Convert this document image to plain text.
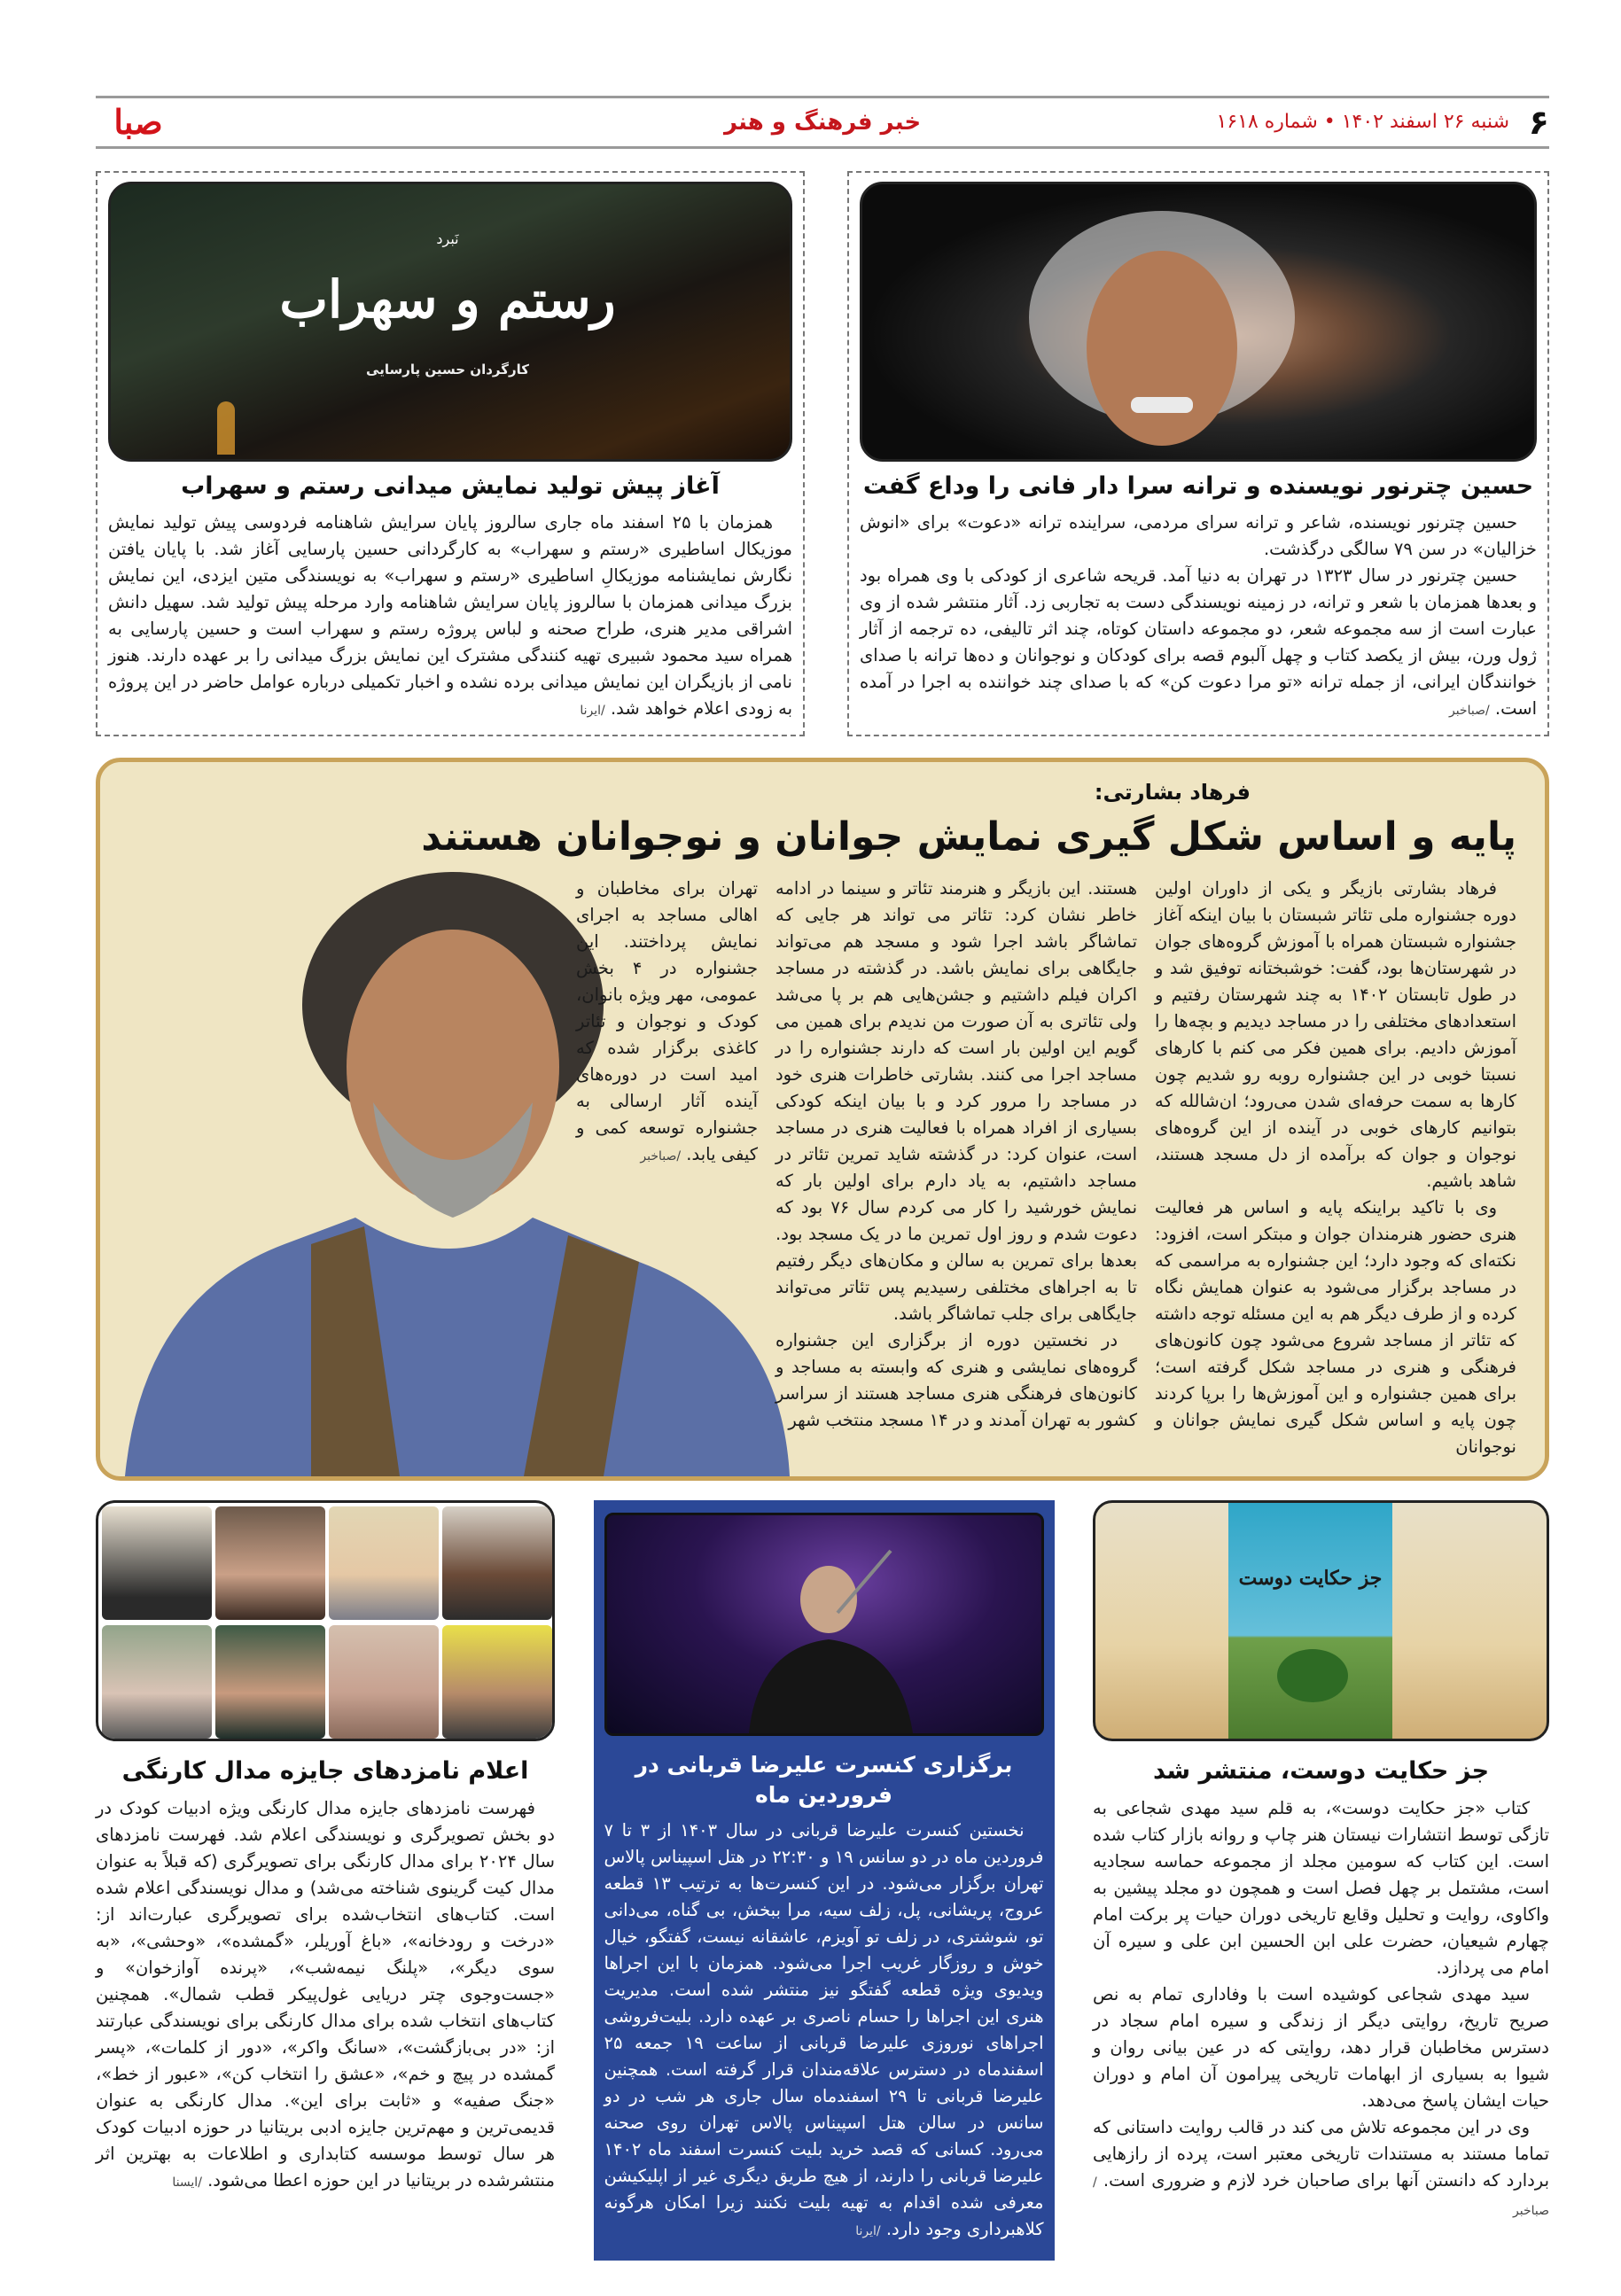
۶
شنبه ۲۶ اسفند ۱۴۰۲ • شماره ۱۶۱۸
خبر فرهنگ و هنر
صبا
حسین چترنور نویسنده و ترانه سرا دار فانی را وداع گفت

حسین چترنور نویسنده، شاعر و ترانه سرای مردمی، سراینده ترانه «دعوت» برای «انوش خزالیان» در سن ۷۹ سالگی درگذشت.

حسین چترنور در سال ۱۳۲۳ در تهران به دنیا آمد. قریحه شاعری از کودکی با وی همراه بود و بعدها همزمان با شعر و ترانه، در زمینه نویسندگی دست به تجاربی زد. آثار منتشر شده از وی عبارت است از سه مجموعه شعر، دو مجموعه داستان کوتاه، چند اثر تالیفی، ده ترجمه از آثار ژول ورن، بیش از یکصد کتاب و چهل آلبوم قصه برای کودکان و نوجوانان و ده‌ها ترانه با صدای خوانندگان ایرانی، از جمله ترانه «تو مرا دعوت کن» که با صدای چند خواننده به اجرا در آمده است. /صباخبر

نَبرد
رستم و سهراب
کارگردان حسین پارسایی
آغاز پیش تولید نمایش میدانی رستم و سهراب

همزمان با ۲۵ اسفند ماه جاری سالروز پایان سرایش شاهنامه فردوسی پیش تولید نمایش موزیکال اساطیری «رستم و سهراب» به کارگردانی حسین پارسایی آغاز شد. با پایان یافتن نگارش نمایشنامه موزیکالِ اساطیری «رستم و سهراب» به نویسندگی متین ایزدی، این نمایش بزرگ میدانی همزمان با سالروز پایان سرایش شاهنامه وارد مرحله پیش تولید شد. سهیل دانش اشراقی مدیر هنری، طراح صحنه و لباس پروژه رستم و سهراب است و حسین پارسایی به همراه سید محمود شبیری تهیه کنندگی مشترک این نمایش بزرگ میدانی را بر عهده دارند. هنوز نامی از بازیگران این نمایش میدانی برده نشده و اخبار تکمیلی درباره عوامل حاضر در این پروژه به زودی اعلام خواهد شد. /ایرنا

فرهاد بشارتی:
پایه و اساس شکل گیری نمایش جوانان و نوجوانان هستند

فرهاد بشارتی بازیگر و یکی از داوران اولین دوره جشنواره ملی تئاتر شبستان با بیان اینکه آغاز جشنواره شبستان همراه با آموزش گروه‌های جوان در شهرستان‌ها بود، گفت: خوشبختانه توفیق شد و در طول تابستان ۱۴۰۲ به چند شهرستان رفتیم و استعدادهای مختلفی را در مساجد دیدیم و بچه‌ها را آموزش دادیم. برای همین فکر می کنم با کارهای نسبتا خوبی در این جشنواره روبه رو شدیم چون کارها به سمت حرفه‌ای شدن می‌رود؛ ان‌شالله که بتوانیم کارهای خوبی در آینده از این گروه‌های نوجوان و جوان که برآمده از دل مسجد هستند، شاهد باشیم.

وی با تاکید براینکه پایه و اساس هر فعالیت هنری حضور هنرمندان جوان و مبتکر است، افزود: نکته‌ای که وجود دارد؛ این جشنواره به مراسمی که در مساجد برگزار می‌شود به عنوان همایش نگاه کرده و از طرف دیگر هم به این مسئله توجه داشته که تئاتر از مساجد شروع می‌شود چون کانون‌های فرهنگی و هنری در مساجد شکل گرفته است؛ برای همین جشنواره و این آموزش‌ها را برپا کردند چون پایه و اساس شکل گیری نمایش جوانان و نوجوانان

هستند. این بازیگر و هنرمند تئاتر و سینما در ادامه خاطر نشان کرد: تئاتر می تواند هر جایی که تماشاگر باشد اجرا شود و مسجد هم می‌تواند جایگاهی برای نمایش باشد. در گذشته در مساجد اکران فیلم داشتیم و جشن‌هایی هم بر پا می‌شد ولی تئاتری به آن صورت من ندیدم برای همین می گویم این اولین بار است که دارند جشنواره را در مساجد اجرا می کنند. بشارتی خاطرات هنری خود در مساجد را مرور کرد و با بیان اینکه کودکی بسیاری از افراد همراه با فعالیت هنری در مساجد است، عنوان کرد: در گذشته شاید تمرین تئاتر در مساجد داشتیم، به یاد دارم برای اولین بار که نمایش خورشید را کار می کردم سال ۷۶ بود که دعوت شدم و روز اول تمرین ما در یک مسجد بود. بعدها برای تمرین به سالن و مکان‌های دیگر رفتیم تا به اجراهای مختلفی رسیدیم پس تئاتر می‌تواند جایگاهی برای جلب تماشاگر باشد.

در نخستین دوره از برگزاری این جشنواره گروه‌های نمایشی و هنری که وابسته به مساجد و کانون‌های فرهنگی هنری مساجد هستند از سراسر کشور به تهران آمدند و در ۱۴ مسجد منتخب شهر

تهران برای مخاطبان و اهالی مساجد به اجرای نمایش پرداختند. این جشنواره در ۴ بخش عمومی، مهر ویژه بانوان، کودک و نوجوان و تئاتر کاغذی برگزار شده که امید است در دوره‌های آینده آثار ارسالی به جشنواره توسعه کمی و کیفی یابد. /صباخبر
جز حکایت دوست
جز حکایت دوست، منتشر شد

کتاب «جز حکایت دوست»، به قلم سید مهدی شجاعی به تازگی توسط انتشارات نیستان هنر چاپ و روانه بازار کتاب شده است. این کتاب که سومین مجلد از مجموعه حماسه سجادیه است، مشتمل بر چهل فصل است و همچون دو مجلد پیشین به واکاوی، روایت و تحلیل وقایع تاریخی دوران حیات پر برکت امام چهارم شیعیان، حضرت علی ابن الحسین ابن علی و سیره آن امام می پردازد.

سید مهدی شجاعی کوشیده است با وفاداری تمام به نص صریح تاریخ، روایتی دیگر از زندگی و سیره امام سجاد در دسترس مخاطبان قرار دهد، روایتی که در عین بیانی روان و شیوا به بسیاری از ابهامات تاریخی پیرامون آن امام و دوران حیات ایشان پاسخ می‌دهد.

وی در این مجموعه تلاش می کند در قالب روایت داستانی که تماما مستند به مستندات تاریخی معتبر است، پرده از رازهایی بردارد که دانستن آنها برای صاحبان خرد لازم و ضروری است. /صباخبر

برگزاری کنسرت علیرضا قربانی در فروردین ماه

نخستین کنسرت علیرضا قربانی در سال ۱۴۰۳ از ۳ تا ۷ فروردین ماه در دو سانس ۱۹ و ۲۲:۳۰ در هتل اسپیناس پالاس تهران برگزار می‌شود. در این کنسرت‌ها به ترتیب ۱۳ قطعه عروج، پریشانی، پل، زلف سیه، مرا ببخش، بی گناه، می‌دانی تو، شوشتری، در زلف تو آویزم، عاشقانه نیست، گفتگو، خیال خوش و روزگار غریب اجرا می‌شود. همزمان با این اجراها ویدیوی ویژه قطعه گفتگو نیز منتشر شده است. مدیریت هنری این اجراها را حسام ناصری بر عهده دارد. بلیت‌فروشی اجراهای نوروزی علیرضا قربانی از ساعت ۱۹ جمعه ۲۵ اسفندماه در دسترس علاقه‌مندان قرار گرفته است. همچنین علیرضا قربانی تا ۲۹ اسفندماه سال جاری هر شب در دو سانس در سالن هتل اسپیناس پالاس تهران روی صحنه می‌رود. کسانی که قصد خرید بلیت کنسرت اسفند ماه ۱۴۰۲ علیرضا قربانی را دارند، از هیچ طریق دیگری غیر از اپلیکیشن معرفی شده اقدام به تهیه بلیت نکنند زیرا امکان هرگونه کلاهبرداری وجود دارد. /ایرنا

اعلام نامزدهای جایزه مدال کارنگی

فهرست نامزدهای جایزه مدال کارنگی ویژه ادبیات کودک در دو بخش تصویرگری و نویسندگی اعلام شد. فهرست نامزدهای سال ۲۰۲۴ برای مدال کارنگی برای تصویرگری (که قبلاً به عنوان مدال کیت گرینوی شناخته می‌شد) و مدال نویسندگی اعلام شده است. کتاب‌های انتخاب‌شده برای تصویرگری عبارت‌اند از: «درخت و رودخانه»، «باغ آوریلر، «گمشده»، «وحشی»، «به سوی دیگر»، «پلنگ نیمه‌شب»، «پرنده آوازخوان» و «جست‌وجوی چتر دریایی غول‌پیکر قطب شمال». همچنین کتاب‌های انتخاب شده برای مدال کارنگی برای نویسندگی عبارتند از: «در بی‌بازگشت»، «سانگ واکر»، «دور از کلمات»، «پسر گمشده در پیچ و خم»، «عشق را انتخاب کن»، «عبور از خط»، «جنگ صفیه» و «ثابت برای این». مدال کارنگی به عنوان قدیمی‌ترین و مهم‌ترین جایزه ادبی بریتانیا در حوزه ادبیات کودک هر سال توسط موسسه کتابداری و اطلاعات به بهترین اثر منتشرشده در بریتانیا در این حوزه اعطا می‌شود. /ایسنا
